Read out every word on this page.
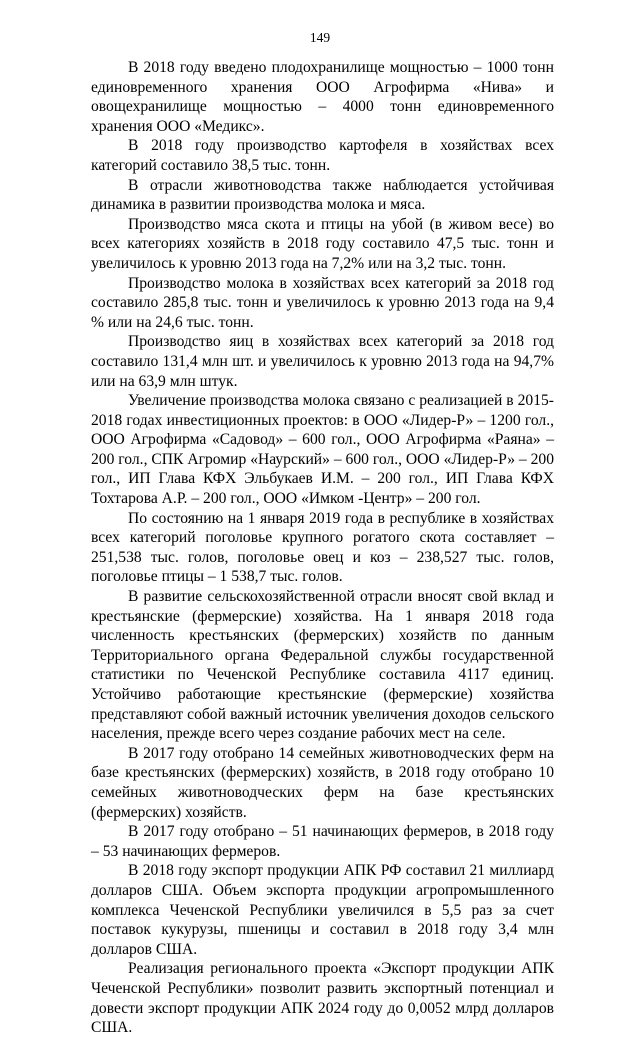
149

В 2018 году введено плодохранилище мощностью – 1000 тонн единовременного хранения ООО Агрофирма «Нива» и овощехранилище мощностью – 4000 тонн единовременного хранения ООО «Медикс».

В 2018 году производство картофеля в хозяйствах всех категорий составило 38,5 тыс. тонн.

В отрасли животноводства также наблюдается устойчивая динамика в развитии производства молока и мяса.

Производство мяса скота и птицы на убой (в живом весе) во всех категориях хозяйств в 2018 году составило 47,5 тыс. тонн и увеличилось к уровню 2013 года на 7,2% или на 3,2 тыс. тонн.

Производство молока в хозяйствах всех категорий за 2018 год составило 285,8 тыс. тонн и увеличилось к уровню 2013 года на 9,4 % или на 24,6 тыс. тонн.

Производство яиц в хозяйствах всех категорий за 2018 год составило 131,4 млн шт. и увеличилось к уровню 2013 года на 94,7% или на 63,9 млн штук.

Увеличение производства молока связано с реализацией в 2015-2018 годах инвестиционных проектов: в ООО «Лидер-Р» – 1200 гол., ООО Агрофирма «Садовод» – 600 гол., ООО Агрофирма «Раяна» – 200 гол., СПК Агромир «Наурский» – 600 гол., ООО «Лидер-Р» – 200 гол., ИП Глава КФХ Эльбукаев И.М. – 200 гол., ИП Глава КФХ Тохтарова А.Р. – 200 гол., ООО «Имком -Центр» – 200 гол.

По состоянию на 1 января 2019 года в республике в хозяйствах всех категорий поголовье крупного рогатого скота составляет – 251,538 тыс. голов, поголовье овец и коз – 238,527 тыс. голов, поголовье птицы – 1 538,7 тыс. голов.

В развитие сельскохозяйственной отрасли вносят свой вклад и крестьянские (фермерские) хозяйства. На 1 января 2018 года численность крестьянских (фермерских) хозяйств по данным Территориального органа Федеральной службы государственной статистики по Чеченской Республике составила 4117 единиц. Устойчиво работающие крестьянские (фермерские) хозяйства представляют собой важный источник увеличения доходов сельского населения, прежде всего через создание рабочих мест на селе.

В 2017 году отобрано 14 семейных животноводческих ферм на базе крестьянских (фермерских) хозяйств, в 2018 году отобрано 10 семейных животноводческих ферм на базе крестьянских (фермерских) хозяйств.

В 2017 году отобрано – 51 начинающих фермеров, в 2018 году – 53 начинающих фермеров.

В 2018 году экспорт продукции АПК РФ составил 21 миллиард долларов США. Объем экспорта продукции агропромышленного комплекса Чеченской Республики увеличился в 5,5 раз за счет поставок кукурузы, пшеницы и составил в 2018 году 3,4 млн долларов США.

Реализация регионального проекта «Экспорт продукции АПК Чеченской Республики» позволит развить экспортный потенциал и довести экспорт продукции АПК 2024 году до 0,0052 млрд долларов США.
